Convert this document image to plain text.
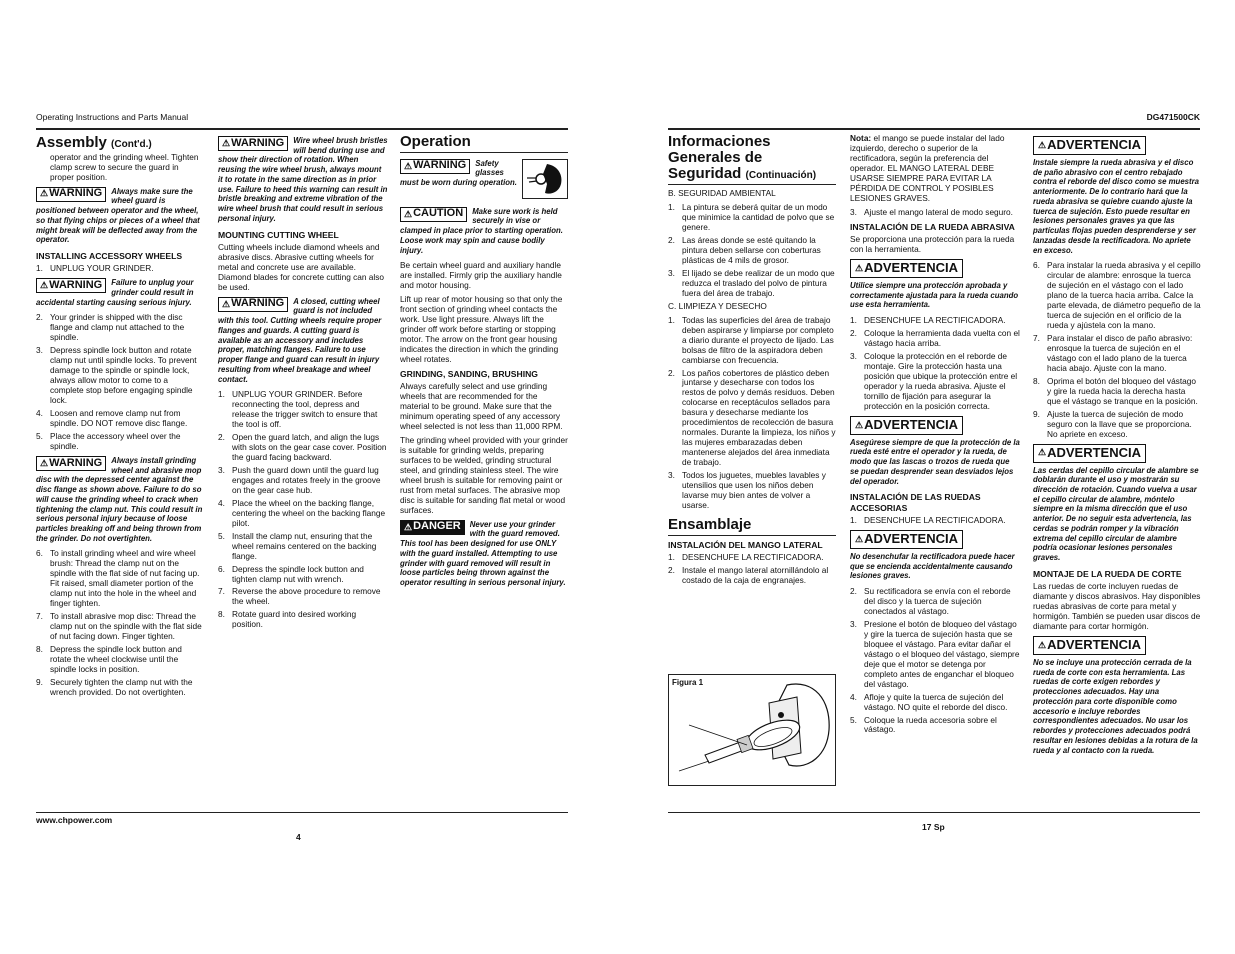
Operating Instructions and Parts Manual
Assembly (Cont'd.)

operator and the grinding wheel. Tighten clamp screw to secure the guard in proper position.

⚠ WARNING Always make sure the wheel guard is positioned between operator and the wheel, so that flying chips or pieces of a wheel that might break will be deflected away from the operator.
INSTALLING ACCESSORY WHEELS
1. UNPLUG YOUR GRINDER.
⚠ WARNING Failure to unplug your grinder could result in accidental starting causing serious injury.
2. Your grinder is shipped with the disc flange and clamp nut attached to the spindle.
3. Depress spindle lock button and rotate clamp nut until spindle locks. To prevent damage to the spindle or spindle lock, always allow motor to come to a complete stop before engaging spindle lock.
4. Loosen and remove clamp nut from spindle. DO NOT remove disc flange.
5. Place the accessory wheel over the spindle.
⚠ WARNING Always install grinding wheel and abrasive mop disc with the depressed center against the disc flange as shown above. Failure to do so will cause the grinding wheel to crack when tightening the clamp nut. This could result in serious personal injury because of loose particles breaking off and being thrown from the grinder. Do not overtighten.
6. To install grinding wheel and wire wheel brush: Thread the clamp nut on the spindle with the flat side of nut facing up. Fit raised, small diameter portion of the clamp nut into the hole in the wheel and finger tighten.
7. To install abrasive mop disc: Thread the clamp nut on the spindle with the flat side of nut facing down. Finger tighten.
8. Depress the spindle lock button and rotate the wheel clockwise until the spindle locks in position.
9. Securely tighten the clamp nut with the wrench provided. Do not overtighten.
⚠ WARNING Wire wheel brush bristles will bend during use and show their direction of rotation. When reusing the wire wheel brush, always mount it to rotate in the same direction as in prior use. Failure to heed this warning can result in bristle breaking and extreme vibration of the wire wheel brush that could result in serious personal injury.
MOUNTING CUTTING WHEEL

Cutting wheels include diamond wheels and abrasive discs. Abrasive cutting wheels for metal and concrete use are available. Diamond blades for concrete cutting can also be used.

⚠ WARNING A closed, cutting wheel guard is not included with this tool. Cutting wheels require proper flanges and guards. A cutting guard is available as an accessory and includes proper, matching flanges. Failure to use proper flange and guard can result in injury resulting from wheel breakage and wheel contact.
1. UNPLUG YOUR GRINDER. Before reconnecting the tool, depress and release the trigger switch to ensure that the tool is off.
2. Open the guard latch, and align the lugs with slots on the gear case cover. Position the guard facing backward.
3. Push the guard down until the guard lug engages and rotates freely in the groove on the gear case hub.
4. Place the wheel on the backing flange, centering the wheel on the backing flange pilot.
5. Install the clamp nut, ensuring that the wheel remains centered on the backing flange.
6. Depress the spindle lock button and tighten clamp nut with wrench.
7. Reverse the above procedure to remove the wheel.
8. Rotate guard into desired working position.
Operation
⚠ WARNING Safety glasses must be worn during operation.
⚠ CAUTION Make sure work is held securely in vise or clamped in place prior to starting operation. Loose work may spin and cause bodily injury.

Be certain wheel guard and auxiliary handle are installed. Firmly grip the auxiliary handle and motor housing.

Lift up rear of motor housing so that only the front section of grinding wheel contacts the work. Use light pressure. Always lift the grinder off work before starting or stopping motor. The arrow on the front gear housing indicates the direction in which the grinding wheel rotates.

GRINDING, SANDING, BRUSHING

Always carefully select and use grinding wheels that are recommended for the material to be ground. Make sure that the minimum operating speed of any accessory wheel selected is not less than 11,000 RPM.

The grinding wheel provided with your grinder is suitable for grinding welds, preparing surfaces to be welded, grinding structural steel, and grinding stainless steel. The wire wheel brush is suitable for removing paint or rust from metal surfaces. The abrasive mop disc is suitable for sanding flat metal or wood surfaces.

⚠ DANGER Never use your grinder with the guard removed. This tool has been designed for use ONLY with the guard installed. Attempting to use grinder with guard removed will result in loose particles being thrown against the operator resulting in serious personal injury.
www.chpower.com
4
DG471500CK
Informaciones Generales de Seguridad (Continuación)

B. SEGURIDAD AMBIENTAL

1. La pintura se deberá quitar de un modo que minimice la cantidad de polvo que se genere.
2. Las áreas donde se esté quitando la pintura deben sellarse con coberturas plásticas de 4 mils de grosor.
3. El lijado se debe realizar de un modo que reduzca el traslado del polvo de pintura fuera del área de trabajo.

C. LIMPIEZA Y DESECHO

1. Todas las superficies del área de trabajo deben aspirarse y limpiarse por completo a diario durante el proyecto de lijado. Las bolsas de filtro de la aspiradora deben cambiarse con frecuencia.
2. Los paños cobertores de plástico deben juntarse y desecharse con todos los restos de polvo y demás residuos. Deben colocarse en receptáculos sellados para basura y desecharse mediante los procedimientos de recolección de basura normales. Durante la limpieza, los niños y las mujeres embarazadas deben mantenerse alejados del área inmediata de trabajo.
3. Todos los juguetes, muebles lavables y utensilios que usen los niños deben lavarse muy bien antes de volver a usarse.
Ensamblaje
INSTALACIÓN DEL MANGO LATERAL
1. DESENCHUFE LA RECTIFICADORA.
2. Instale el mango lateral atornillándolo al costado de la caja de engranajes.
Figura 1

Nota: el mango se puede instalar del lado izquierdo, derecho o superior de la rectificadora, según la preferencia del operador. EL MANGO LATERAL DEBE USARSE SIEMPRE PARA EVITAR LA PÉRDIDA DE CONTROL Y POSIBLES LESIONES GRAVES.

3. Ajuste el mango lateral de modo seguro.
INSTALACIÓN DE LA RUEDA ABRASIVA

Se proporciona una protección para la rueda con la herramienta.

⚠ ADVERTENCIA

Utilice siempre una protección aprobada y correctamente ajustada para la rueda cuando use esta herramienta.
1. DESENCHUFE LA RECTIFICADORA.
2. Coloque la herramienta dada vuelta con el vástago hacia arriba.
3. Coloque la protección en el reborde de montaje. Gire la protección hasta una posición que ubique la protección entre el operador y la rueda abrasiva. Ajuste el tornillo de fijación para asegurar la protección en la posición correcta.
⚠ ADVERTENCIA

Asegúrese siempre de que la protección de la rueda esté entre el operador y la rueda, de modo que las lascas o trozos de rueda que se puedan desprender sean desviados lejos del operador.
INSTALACIÓN DE LAS RUEDAS ACCESORIAS
1. DESENCHUFE LA RECTIFICADORA.
⚠ ADVERTENCIA

No desenchufar la rectificadora puede hacer que se encienda accidentalmente causando lesiones graves.
2. Su rectificadora se envía con el reborde del disco y la tuerca de sujeción conectados al vástago.
3. Presione el botón de bloqueo del vástago y gire la tuerca de sujeción hasta que se bloquee el vástago. Para evitar dañar el vástago o el bloqueo del vástago, siempre deje que el motor se detenga por completo antes de enganchar el bloqueo del vástago.
4. Afloje y quite la tuerca de sujeción del vástago. NO quite el reborde del disco.
5. Coloque la rueda accesoria sobre el vástago.
⚠ ADVERTENCIA

Instale siempre la rueda abrasiva y el disco de paño abrasivo con el centro rebajado contra el reborde del disco como se muestra anteriormente. De lo contrario hará que la rueda abrasiva se quiebre cuando ajuste la tuerca de sujeción. Esto puede resultar en lesiones personales graves ya que las partículas flojas pueden desprenderse y ser lanzadas desde la rectificadora. No apriete en exceso.
6. Para instalar la rueda abrasiva y el cepillo circular de alambre: enrosque la tuerca de sujeción en el vástago con el lado plano de la tuerca hacia arriba. Calce la parte elevada, de diámetro pequeño de la tuerca de sujeción en el orificio de la rueda y ajústela con la mano.
7. Para instalar el disco de paño abrasivo: enrosque la tuerca de sujeción en el vástago con el lado plano de la tuerca hacia abajo. Ajuste con la mano.
8. Oprima el botón del bloqueo del vástago y gire la rueda hacia la derecha hasta que el vástago se tranque en la posición.
9. Ajuste la tuerca de sujeción de modo seguro con la llave que se proporciona. No apriete en exceso.
⚠ ADVERTENCIA

Las cerdas del cepillo circular de alambre se doblarán durante el uso y mostrarán su dirección de rotación. Cuando vuelva a usar el cepillo circular de alambre, móntelo siempre en la misma dirección que el uso anterior. De no seguir esta advertencia, las cerdas se podrán romper y la vibración extrema del cepillo circular de alambre podría ocasionar lesiones personales graves.
MONTAJE DE LA RUEDA DE CORTE

Las ruedas de corte incluyen ruedas de diamante y discos abrasivos. Hay disponibles ruedas abrasivas de corte para metal y hormigón. También se pueden usar discos de diamante para cortar hormigón.

⚠ ADVERTENCIA

No se incluye una protección cerrada de la rueda de corte con esta herramienta. Las ruedas de corte exigen rebordes y protecciones adecuados. Hay una protección para corte disponible como accesorio e incluye rebordes correspondientes adecuados. No usar los rebordes y protecciones adecuados podrá resultar en lesiones debidas a la rotura de la rueda y al contacto con la rueda.
17 Sp
